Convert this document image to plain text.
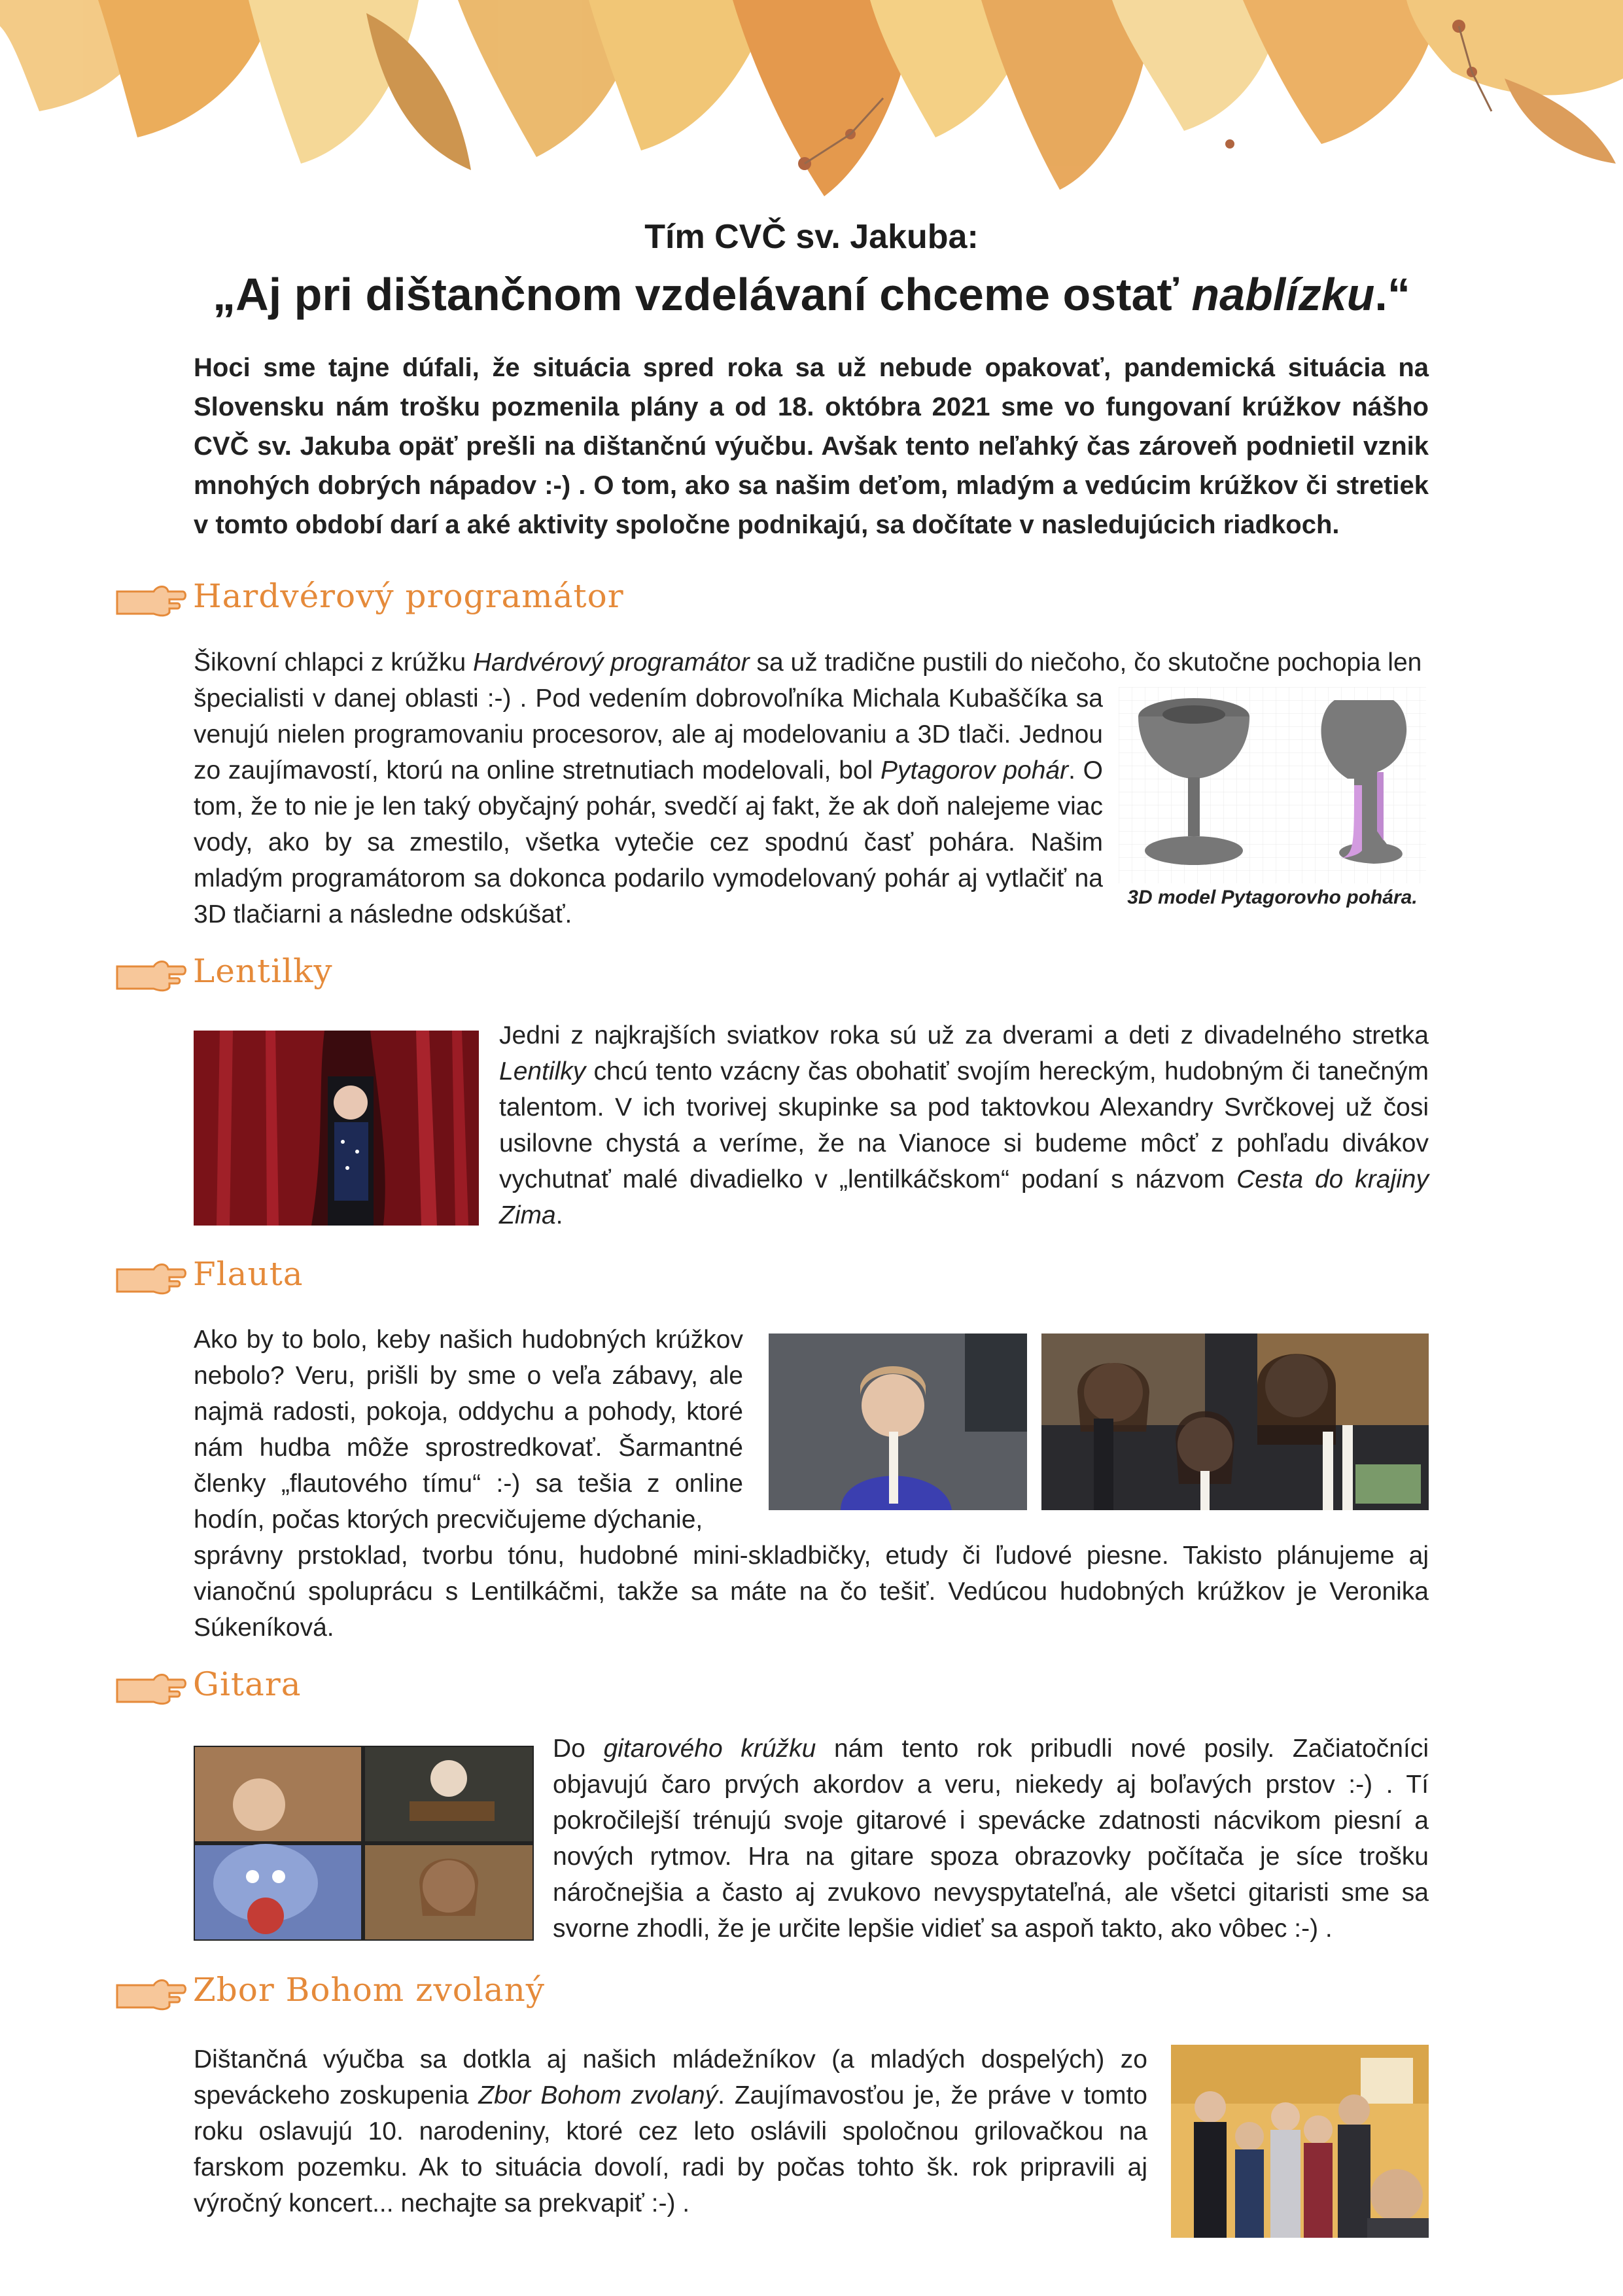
Tím CVČ sv. Jakuba:
„Aj pri dištančnom vzdelávaní chceme ostať nablízku.“
Hoci sme tajne dúfali, že situácia spred roka sa už nebude opakovať, pandemická situácia na Slovensku nám trošku pozmenila plány a od 18. októbra 2021 sme vo fungovaní krúžkov nášho CVČ sv. Jakuba opäť prešli na dištančnú výučbu. Avšak tento neľahký čas zároveň podnietil vznik mnohých dobrých nápadov :-) . O tom, ako sa našim deťom, mladým a vedúcim krúžkov či stretiek v tomto období darí a aké aktivity spoločne podnikajú, sa dočítate v nasledujúcich riadkoch.
Hardvérový programátor
Šikovní chlapci z krúžku Hardvérový programátor sa už tradične pustili do niečoho, čo skutočne pochopia len
špecialisti v danej oblasti :-) . Pod vedením dobrovoľníka Michala Kubaščíka sa venujú nielen programovaniu procesorov, ale aj modelovaniu a 3D tlači. Jednou zo zaujímavostí, ktorú na online stretnutiach modelovali, bol Pytagorov pohár. O tom, že to nie je len taký obyčajný pohár, svedčí aj fakt, že ak doň nalejeme viac vody, ako by sa zmestilo, všetka vytečie cez spodnú časť pohára. Našim mladým programátorom sa dokonca podarilo vymodelovaný pohár aj vytlačiť na 3D tlačiarni a následne odskúšať.
3D model Pytagorovho pohára.
Lentilky
Jedni z najkrajších sviatkov roka sú už za dverami a deti z divadelného stretka Lentilky chcú tento vzácny čas obohatiť svojím hereckým, hudobným či tanečným talentom. V ich tvorivej skupinke sa pod taktovkou Alexandry Svrčkovej už čosi usilovne chystá a veríme, že na Vianoce si budeme môcť z pohľadu divákov vychutnať malé divadielko v „lentilkáčskom“ podaní s názvom Cesta do krajiny Zima.
Flauta
Ako by to bolo, keby našich hudobných krúžkov nebolo? Veru, prišli by sme o veľa zábavy, ale najmä radosti, pokoja, oddychu a pohody, ktoré nám hudba môže sprostredkovať. Šarmantné členky „flautového tímu“ :-) sa tešia z online hodín, počas ktorých precvičujeme dýchanie,
správny prstoklad, tvorbu tónu, hudobné mini-skladbičky, etudy či ľudové piesne. Takisto plánujeme aj vianočnú spoluprácu s Lentilkáčmi, takže sa máte na čo tešiť. Vedúcou hudobných krúžkov je Veronika Súkeníková.
Gitara
Do gitarového krúžku nám tento rok pribudli nové posily. Začiatočníci objavujú čaro prvých akordov a veru, niekedy aj boľavých prstov :-) . Tí pokročilejší trénujú svoje gitarové i spevácke zdatnosti nácvikom piesní a nových rytmov. Hra na gitare spoza obrazovky počítača je síce trošku náročnejšia a často aj zvukovo nevyspytateľná, ale všetci gitaristi sme sa svorne zhodli, že je určite lepšie vidieť sa aspoň takto, ako vôbec :-) .
Zbor Bohom zvolaný
Dištančná výučba sa dotkla aj našich mládežníkov (a mladých dospelých) zo speváckeho zoskupenia Zbor Bohom zvolaný. Zaujímavosťou je, že práve v tomto roku oslavujú 10. narodeniny, ktoré cez leto oslávili spoločnou grilovačkou na farskom pozemku. Ak to situácia dovolí, radi by počas tohto šk. rok pripravili aj výročný koncert... nechajte sa prekvapiť :-) .
